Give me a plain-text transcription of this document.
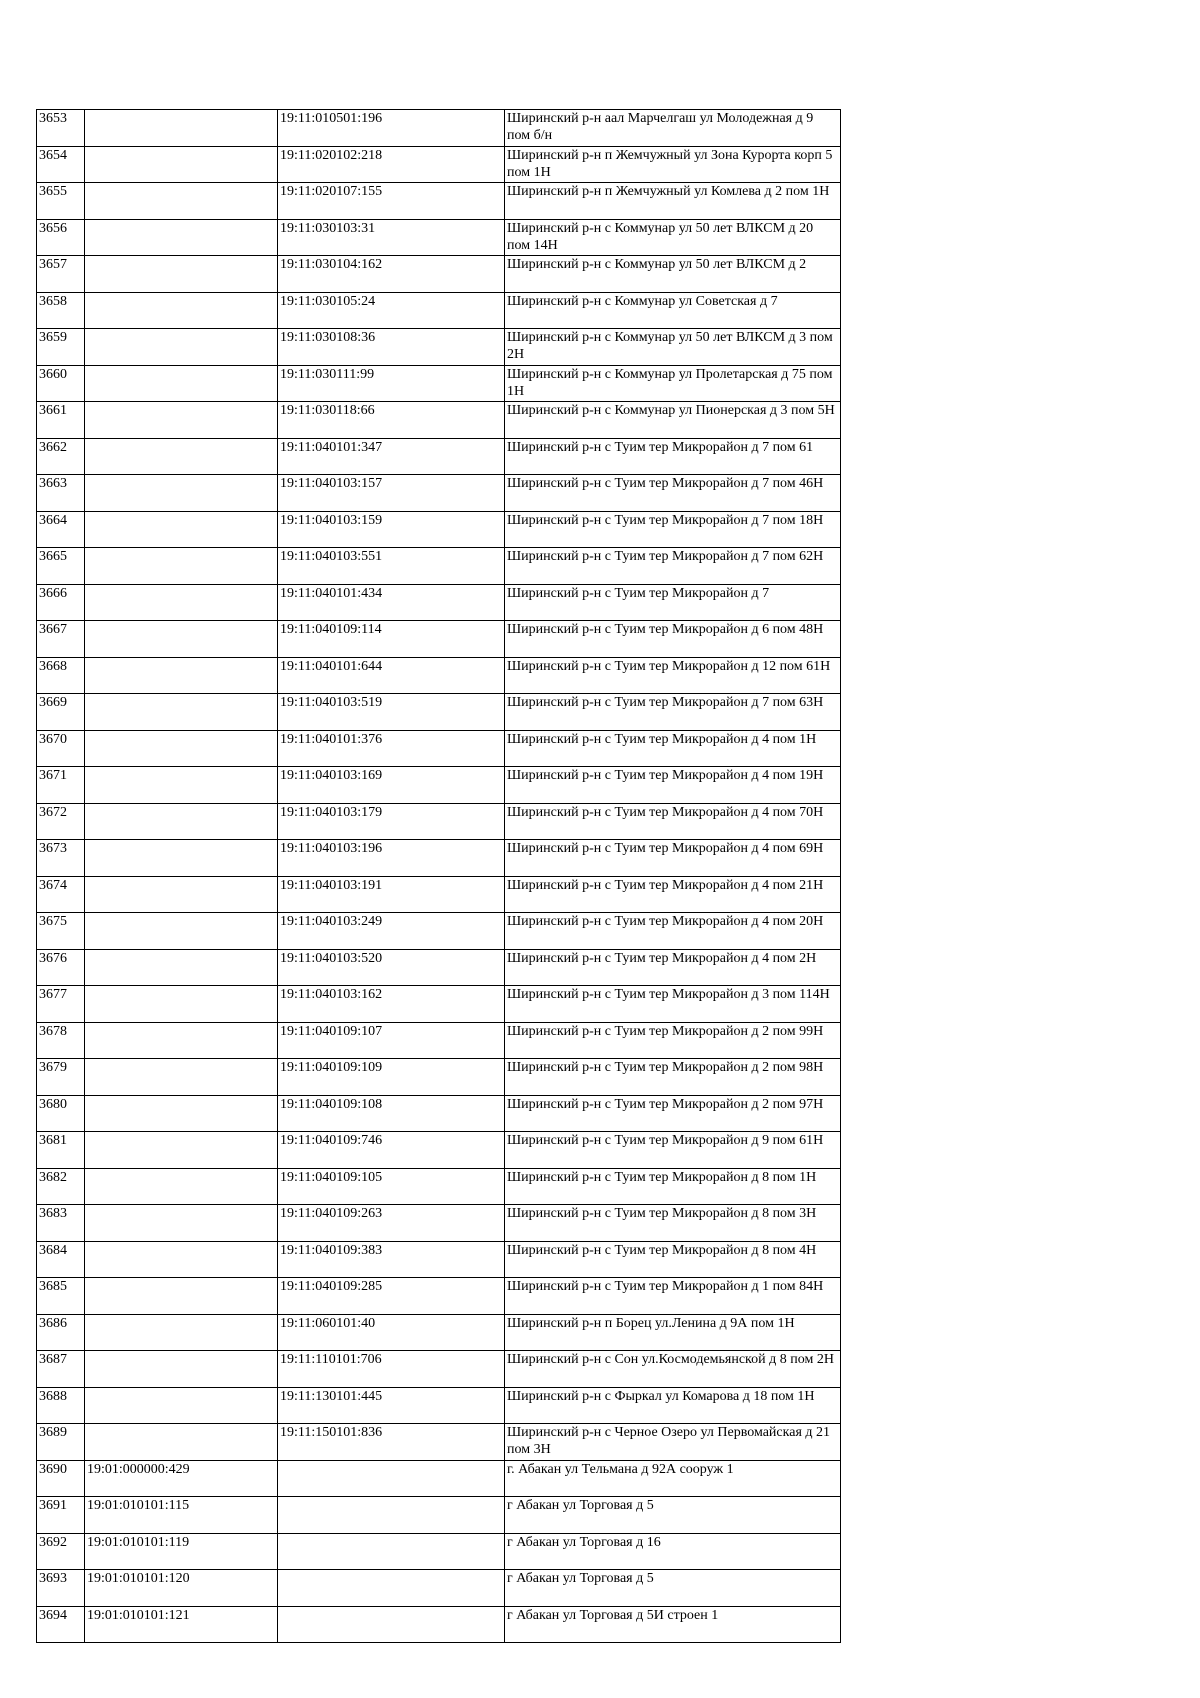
3653		19:11:010501:196	Ширинский р-н аал Марчелгаш ул Молодежная д 9 пом б/н
3654		19:11:020102:218	Ширинский р-н п Жемчужный ул Зона Курорта корп 5 пом 1Н
3655		19:11:020107:155	Ширинский р-н п Жемчужный ул Комлева д 2 пом 1Н
3656		19:11:030103:31	Ширинский р-н с Коммунар ул 50 лет ВЛКСМ д 20 пом 14Н
3657		19:11:030104:162	Ширинский р-н с Коммунар ул 50 лет ВЛКСМ д 2
3658		19:11:030105:24	Ширинский р-н с Коммунар ул Советская д 7
3659		19:11:030108:36	Ширинский р-н с Коммунар ул 50 лет ВЛКСМ д 3 пом 2Н
3660		19:11:030111:99	Ширинский р-н с Коммунар ул Пролетарская д 75 пом 1Н
3661		19:11:030118:66	Ширинский р-н с Коммунар ул Пионерская д 3 пом 5Н
3662		19:11:040101:347	Ширинский р-н с Туим тер Микрорайон д 7 пом 61
3663		19:11:040103:157	Ширинский р-н с Туим тер Микрорайон д 7 пом 46Н
3664		19:11:040103:159	Ширинский р-н с Туим тер Микрорайон д 7 пом 18Н
3665		19:11:040103:551	Ширинский р-н с Туим тер Микрорайон д 7 пом 62Н
3666		19:11:040101:434	Ширинский р-н с Туим тер Микрорайон д 7
3667		19:11:040109:114	Ширинский р-н с Туим тер Микрорайон д 6 пом 48Н
3668		19:11:040101:644	Ширинский р-н с Туим тер Микрорайон д 12 пом 61Н
3669		19:11:040103:519	Ширинский р-н с Туим тер Микрорайон д 7 пом 63Н
3670		19:11:040101:376	Ширинский р-н с Туим тер Микрорайон д 4 пом 1Н
3671		19:11:040103:169	Ширинский р-н с Туим тер Микрорайон д 4 пом 19Н
3672		19:11:040103:179	Ширинский р-н с Туим тер Микрорайон д 4 пом 70Н
3673		19:11:040103:196	Ширинский р-н с Туим тер Микрорайон д 4 пом 69Н
3674		19:11:040103:191	Ширинский р-н с Туим тер Микрорайон д 4 пом 21Н
3675		19:11:040103:249	Ширинский р-н с Туим тер Микрорайон д 4 пом 20Н
3676		19:11:040103:520	Ширинский р-н с Туим тер Микрорайон д 4 пом 2Н
3677		19:11:040103:162	Ширинский р-н с Туим тер Микрорайон д 3 пом 114Н
3678		19:11:040109:107	Ширинский р-н с Туим тер Микрорайон д 2 пом 99Н
3679		19:11:040109:109	Ширинский р-н с Туим тер Микрорайон д 2 пом 98Н
3680		19:11:040109:108	Ширинский р-н с Туим тер Микрорайон д 2 пом 97Н
3681		19:11:040109:746	Ширинский р-н с Туим тер Микрорайон д 9 пом 61Н
3682		19:11:040109:105	Ширинский р-н с Туим тер Микрорайон д 8 пом 1Н
3683		19:11:040109:263	Ширинский р-н с Туим тер Микрорайон д 8 пом 3Н
3684		19:11:040109:383	Ширинский р-н с Туим тер Микрорайон д 8 пом 4Н
3685		19:11:040109:285	Ширинский р-н с Туим тер Микрорайон д 1 пом 84Н
3686		19:11:060101:40	Ширинский р-н п Борец ул.Ленина д 9А пом 1Н
3687		19:11:110101:706	Ширинский р-н с Сон ул.Космодемьянской д 8 пом 2Н
3688		19:11:130101:445	Ширинский р-н с Фыркал ул Комарова д 18 пом 1Н
3689		19:11:150101:836	Ширинский р-н с Черное Озеро ул Первомайская д 21 пом 3Н
3690	19:01:000000:429		г. Абакан ул Тельмана д 92А сооруж 1
3691	19:01:010101:115		г Абакан ул Торговая д 5
3692	19:01:010101:119		г Абакан ул Торговая д 16
3693	19:01:010101:120		г Абакан ул Торговая д 5
3694	19:01:010101:121		г Абакан ул Торговая д 5И строен 1
